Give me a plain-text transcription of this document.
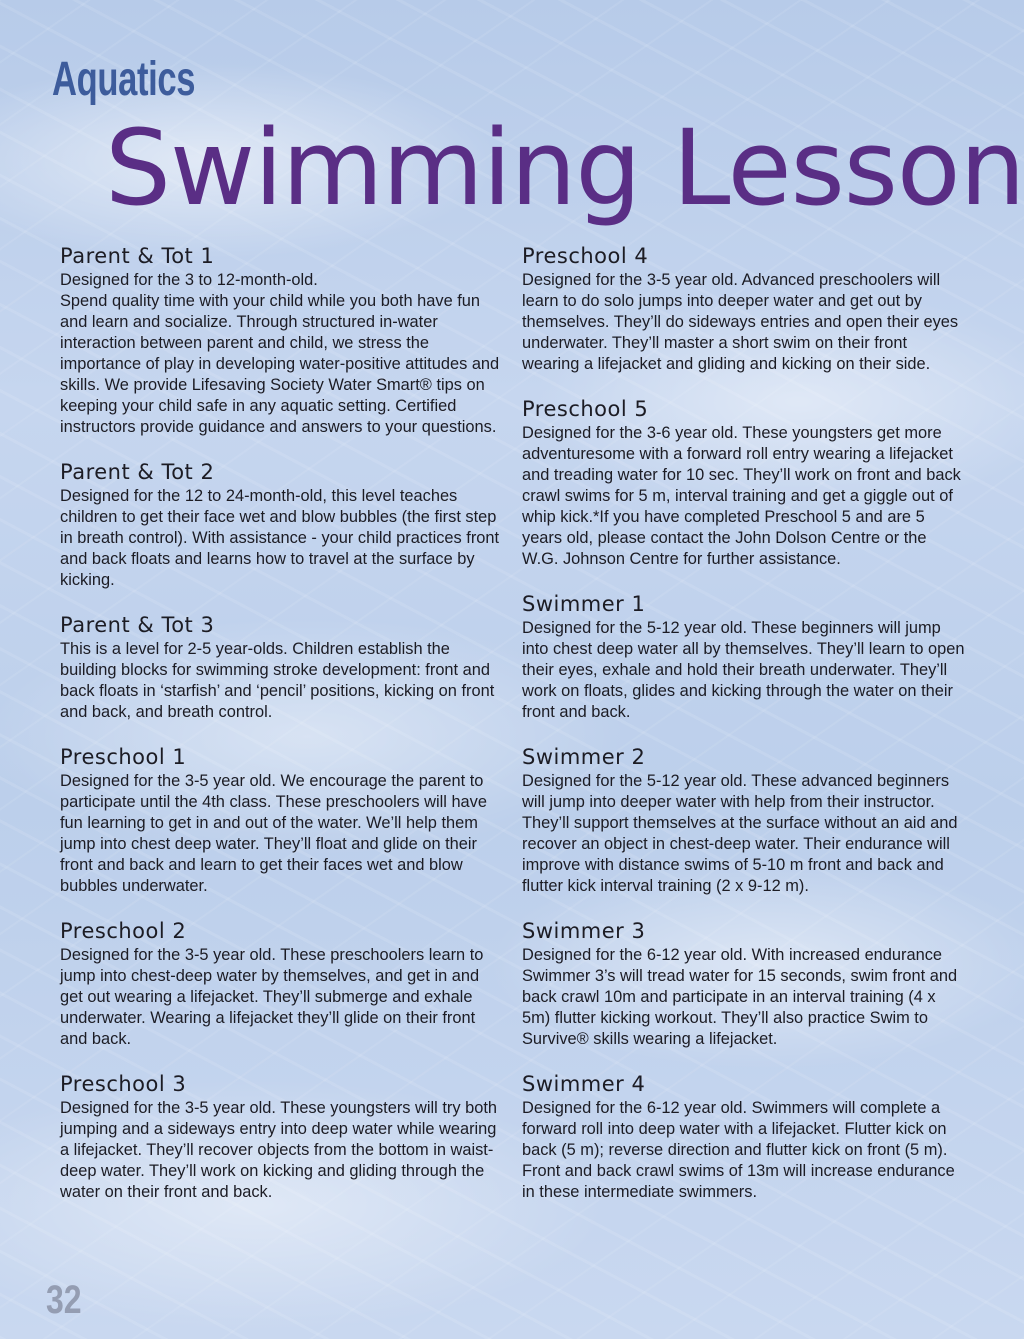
Aquatics
Swimming Lesson
Parent & Tot 1

Designed for the 3 to 12-month-old.
Spend quality time with your child while you both have fun and learn and socialize. Through structured in-water interaction between parent and child, we stress the importance of play in developing water-positive attitudes and skills. We provide Lifesaving Society Water Smart® tips on keeping your child safe in any aquatic setting. Certified instructors provide guidance and answers to your questions.

Parent & Tot 2

Designed for the 12 to 24-month-old, this level teaches children to get their face wet and blow bubbles (the first step in breath control). With assistance - your child practices front and back floats and learns how to travel at the surface by kicking.

Parent & Tot 3

This is a level for 2-5 year-olds. Children establish the building blocks for swimming stroke development: front and back floats in ‘starfish’ and ‘pencil’ positions, kicking on front and back, and breath control.

Preschool 1

Designed for the 3-5 year old. We encourage the parent to participate until the 4th class. These preschoolers will have fun learning to get in and out of the water. We’ll help them jump into chest deep water. They’ll float and glide on their front and back and learn to get their faces wet and blow bubbles underwater.

Preschool 2

Designed for the 3-5 year old. These preschoolers learn to jump into chest-deep water by themselves, and get in and get out wearing a lifejacket. They’ll submerge and exhale underwater. Wearing a lifejacket they’ll glide on their front and back.

Preschool 3

Designed for the 3-5 year old. These youngsters will try both jumping and a sideways entry into deep water while wearing a lifejacket. They’ll recover objects from the bottom in waist-deep water. They’ll work on kicking and gliding through the water on their front and back.

Preschool 4

Designed for the 3-5 year old. Advanced preschoolers will learn to do solo jumps into deeper water and get out by themselves. They’ll do sideways entries and open their eyes underwater. They’ll master a short swim on their front wearing a lifejacket and gliding and kicking on their side.

Preschool 5

Designed for the 3-6 year old. These youngsters get more adventuresome with a forward roll entry wearing a lifejacket and treading water for 10 sec. They’ll work on front and back crawl swims for 5 m, interval training and get a giggle out of whip kick.*If you have completed Preschool 5 and are 5 years old, please contact the John Dolson Centre or the W.G. Johnson Centre for further assistance.

Swimmer 1

Designed for the 5-12 year old. These beginners will jump into chest deep water all by themselves. They’ll learn to open their eyes, exhale and hold their breath underwater. They’ll work on floats, glides and kicking through the water on their front and back.

Swimmer 2

Designed for the 5-12 year old. These advanced beginners will jump into deeper water with help from their instructor. They’ll support themselves at the surface without an aid and recover an object in chest-deep water. Their endurance will improve with distance swims of 5-10 m front and back and flutter kick interval training (2 x 9-12 m).

Swimmer 3

Designed for the 6-12 year old. With increased endurance Swimmer 3’s will tread water for 15 seconds, swim front and back crawl 10m and participate in an interval training (4 x 5m) flutter kicking workout. They’ll also practice Swim to Survive® skills wearing a lifejacket.

Swimmer 4

Designed for the 6-12 year old. Swimmers will complete a forward roll into deep water with a lifejacket. Flutter kick on back (5 m); reverse direction and flutter kick on front (5 m). Front and back crawl swims of 13m will increase endurance in these intermediate swimmers.

32
